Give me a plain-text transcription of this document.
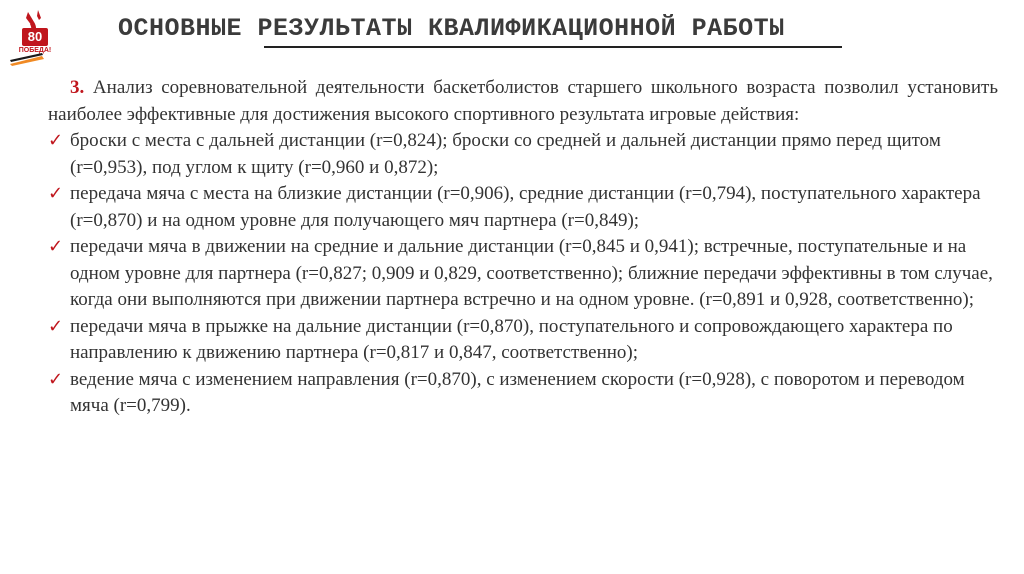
80
ПОБЕДА!
ОСНОВНЫЕ РЕЗУЛЬТАТЫ КВАЛИФИКАЦИОННОЙ РАБОТЫ

3. Анализ соревновательной деятельности баскетболистов старшего школьного возраста позволил установить наиболее эффективные для достижения высокого спортивного результата игровые действия:

✓ броски с места с дальней дистанции (r=0,824); броски со средней и дальней дистанции прямо перед щитом (r=0,953), под углом к щиту (r=0,960 и 0,872);
✓ передача мяча с места на близкие дистанции (r=0,906), средние дистанции (r=0,794), поступательного характера (r=0,870) и на одном уровне для получающего мяч партнера (r=0,849);
✓ передачи мяча в движении на средние и дальние дистанции (r=0,845 и 0,941); встречные, поступательные и на одном уровне для партнера (r=0,827; 0,909 и 0,829, соответственно); ближние передачи эффективны в том случае, когда они выполняются при движении партнера встречно и на одном уровне. (r=0,891 и 0,928, соответственно);
✓ передачи мяча в прыжке на дальние дистанции (r=0,870), поступательного и сопровождающего характера по направлению к движению партнера (r=0,817 и 0,847, соответственно);
✓ ведение мяча с изменением направления (r=0,870), с изменением скорости (r=0,928), с поворотом и переводом мяча (r=0,799).
